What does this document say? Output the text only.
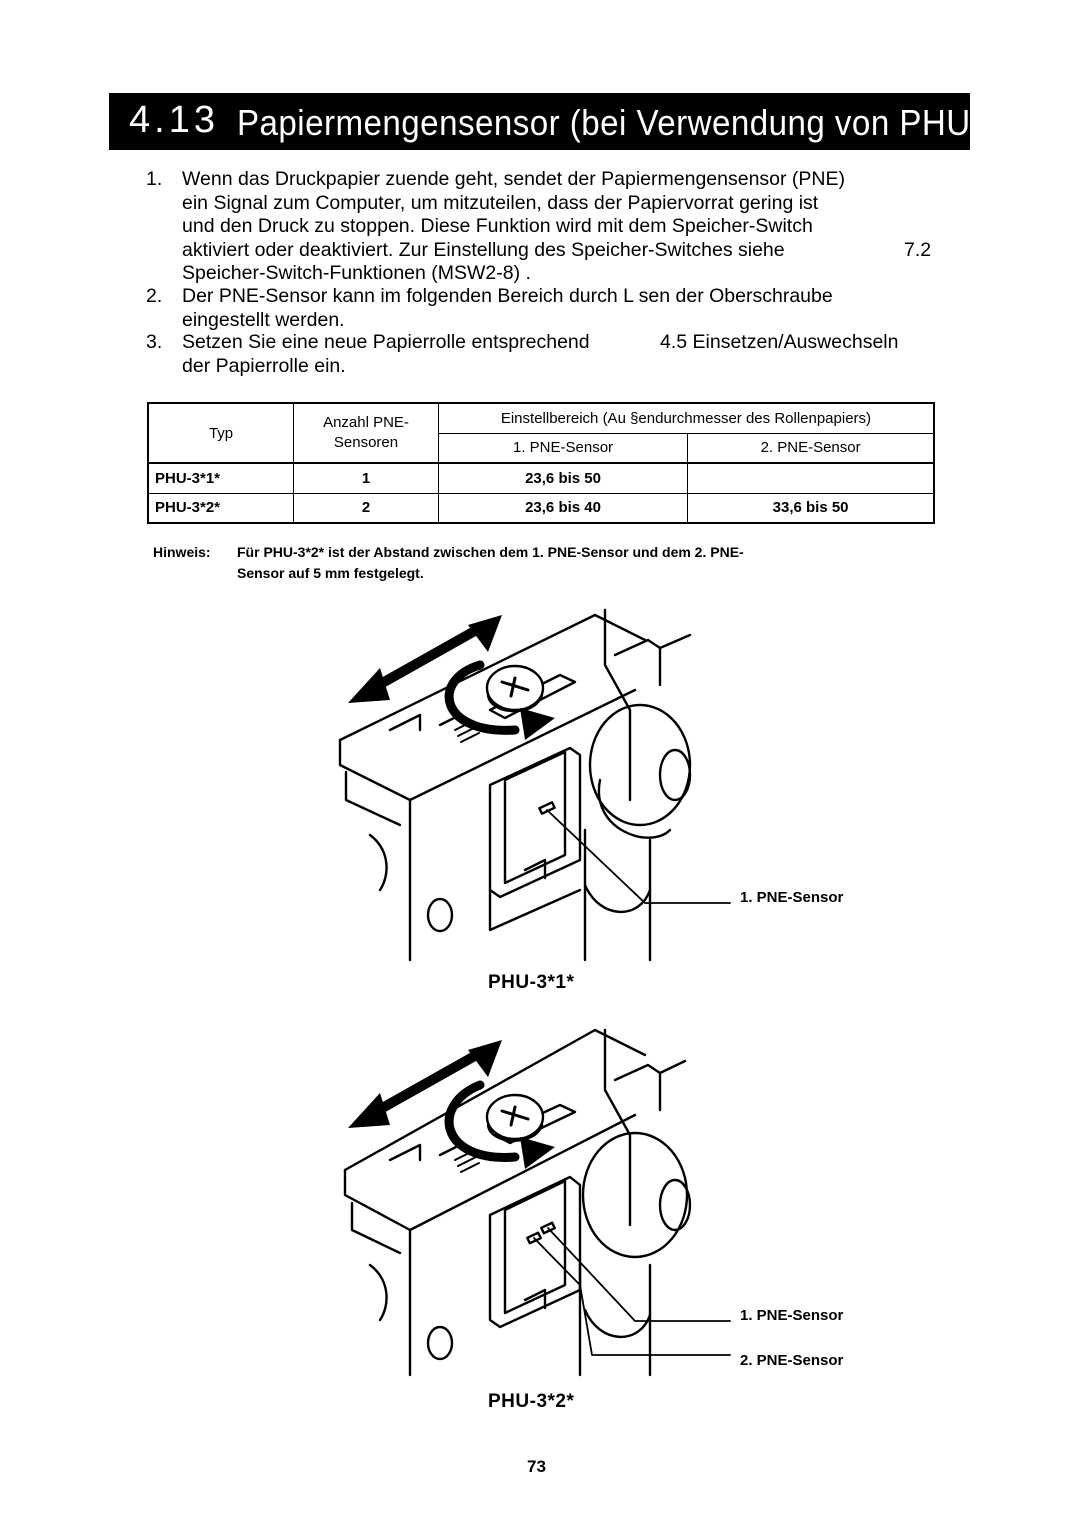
4.13 Papiermengensensor (bei Verwendung von PHU-3***)
1. Wenn das Druckpapier zuende geht, sendet der Papiermengensensor (PNE)
ein Signal zum Computer, um mitzuteilen, dass der Papiervorrat gering ist
und den Druck zu stoppen. Diese Funktion wird mit dem Speicher-Switch
aktiviert oder deaktiviert. Zur Einstellung des Speicher-Switches siehe
Speicher-Switch-Funktionen (MSW2-8) .
7.2
2. Der PNE-Sensor kann im folgenden Bereich durch L sen der Oberschraube
eingestellt werden.
3. Setzen Sie eine neue Papierrolle entsprechend
der Papierrolle ein.
4.5 Einsetzen/Auswechseln
Typ	Anzahl PNE- Sensoren	Einstellbereich (Au §endurchmesser des Rollenpapiers)	
		1. PNE-Sensor	2. PNE-Sensor
PHU-3*1*	1	23,6 bis 50	
PHU-3*2*	2	23,6 bis 40	33,6 bis 50
Hinweis: Für PHU-3*2* ist der Abstand zwischen dem 1. PNE-Sensor und dem 2. PNE-
Sensor auf 5 mm festgelegt.
1. PNE-Sensor
PHU-3*1*
1. PNE-Sensor
2. PNE-Sensor
PHU-3*2*
73
